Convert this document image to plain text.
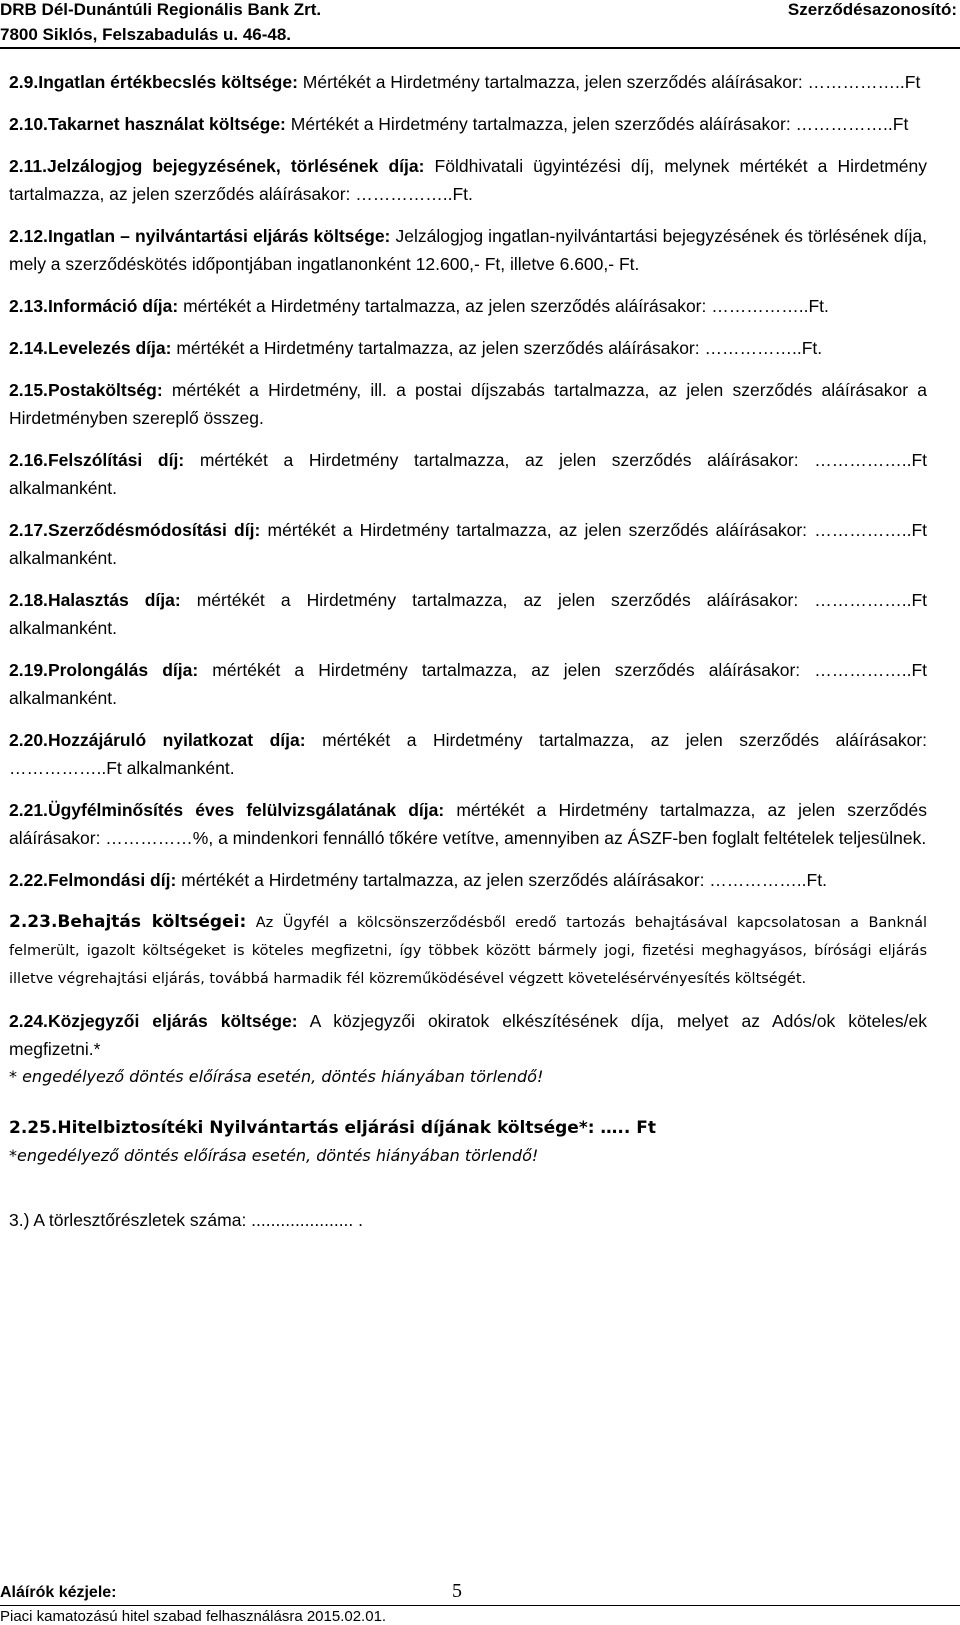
DRB Dél-Dunántúli Regionális Bank Zrt.
7800 Siklós, Felszabadulás u. 46-48.
Szerződésazonosító:
2.9.Ingatlan értékbecslés költsége: Mértékét a Hirdetmény tartalmazza, jelen szerződés aláírásakor: ……………..Ft
2.10.Takarnet használat költsége: Mértékét a Hirdetmény tartalmazza, jelen szerződés aláírásakor: ……………..Ft
2.11.Jelzálogjog bejegyzésének, törlésének díja: Földhivatali ügyintézési díj, melynek mértékét a Hirdetmény tartalmazza, az jelen szerződés aláírásakor: ……………..Ft.
2.12.Ingatlan – nyilvántartási eljárás költsége: Jelzálogjog ingatlan-nyilvántartási bejegyzésének és törlésének díja, mely a szerződéskötés időpontjában ingatlanonként 12.600,- Ft, illetve 6.600,- Ft.
2.13.Információ díja: mértékét a Hirdetmény tartalmazza, az jelen szerződés aláírásakor: ……………..Ft.
2.14.Levelezés díja: mértékét a Hirdetmény tartalmazza, az jelen szerződés aláírásakor: ……………..Ft.
2.15.Postaköltség: mértékét a Hirdetmény, ill. a postai díjszabás tartalmazza, az jelen szerződés aláírásakor a Hirdetményben szereplő összeg.
2.16.Felszólítási díj: mértékét a Hirdetmény tartalmazza, az jelen szerződés aláírásakor: ……………..Ft alkalmanként.
2.17.Szerződésmódosítási díj: mértékét a Hirdetmény tartalmazza, az jelen szerződés aláírásakor: ……………..Ft alkalmanként.
2.18.Halasztás díja: mértékét a Hirdetmény tartalmazza, az jelen szerződés aláírásakor: ……………..Ft alkalmanként.
2.19.Prolongálás díja: mértékét a Hirdetmény tartalmazza, az jelen szerződés aláírásakor: ……………..Ft alkalmanként.
2.20.Hozzájáruló nyilatkozat díja: mértékét a Hirdetmény tartalmazza, az jelen szerződés aláírásakor: ……………..Ft alkalmanként.
2.21.Ügyfélminősítés éves felülvizsgálatának díja: mértékét a Hirdetmény tartalmazza, az jelen szerződés aláírásakor: ……………%, a mindenkori fennálló tőkére vetítve, amennyiben az ÁSZF-ben foglalt feltételek teljesülnek.
2.22.Felmondási díj: mértékét a Hirdetmény tartalmazza, az jelen szerződés aláírásakor: ……………..Ft.
2.23.Behajtás költségei: Az Ügyfél a kölcsönszerződésből eredő tartozás behajtásával kapcsolatosan a Banknál felmerült, igazolt költségeket is köteles megfizetni, így többek között bármely jogi, fizetési meghagyásos, bírósági eljárás illetve végrehajtási eljárás, továbbá harmadik fél közreműködésével végzett követelésérvényesítés költségét.
2.24.Közjegyzői eljárás költsége: A közjegyzői okiratok elkészítésének díja, melyet az Adós/ok köteles/ek megfizetni.*
* engedélyező döntés előírása esetén, döntés hiányában törlendő!
2.25.Hitelbiztosítéki Nyilvántartás eljárási díjának költsége*: ….. Ft
*engedélyező döntés előírása esetén, döntés hiányában törlendő!
3.) A törlesztőrészletek száma: ..................... .
Aláírók kézjele:	5
Piaci kamatozású hitel szabad felhasználásra 2015.02.01.
